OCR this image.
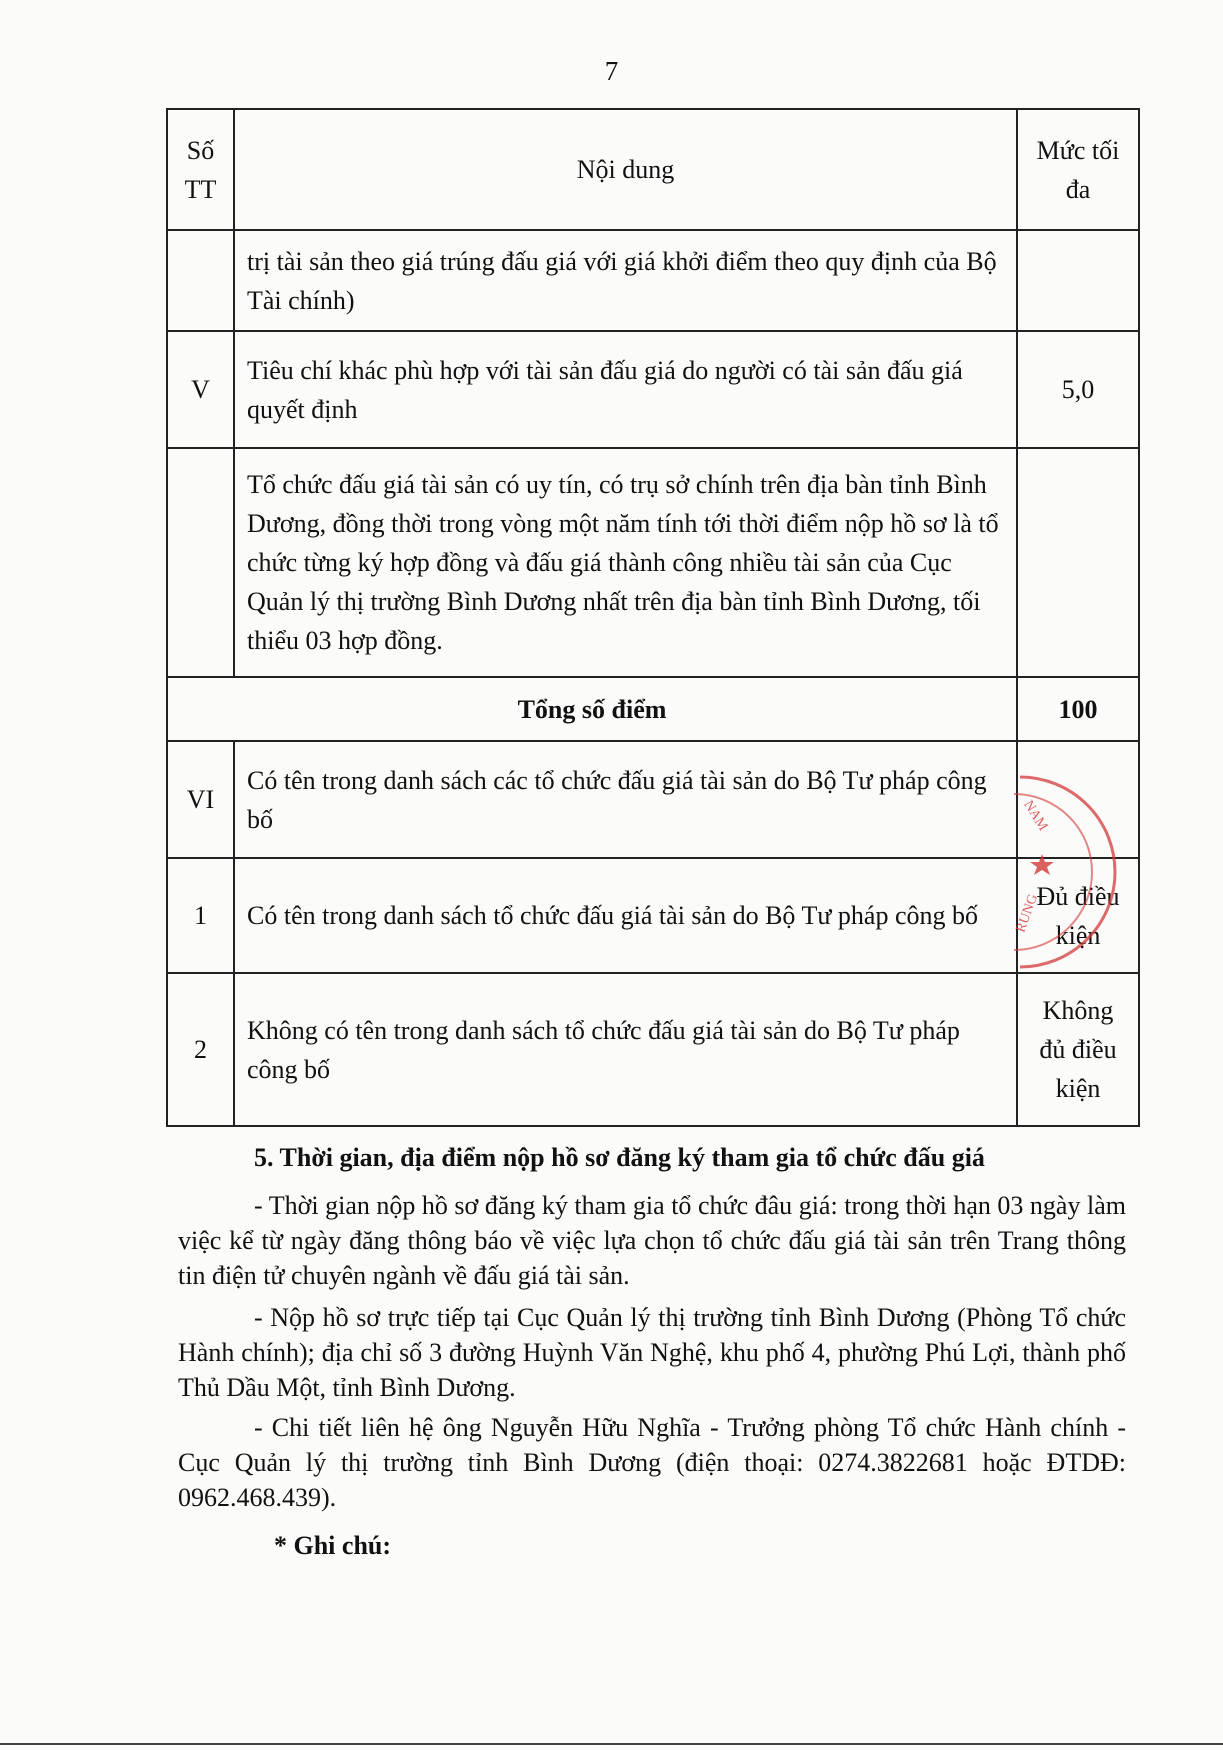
7
Số TT	Nội dung	Mức tối đa
	trị tài sản theo giá trúng đấu giá với giá khởi điểm theo quy định của Bộ Tài chính)	
V	Tiêu chí khác phù hợp với tài sản đấu giá do người có tài sản đấu giá quyết định	5,0
	Tổ chức đấu giá tài sản có uy tín, có trụ sở chính trên địa bàn tỉnh Bình Dương, đồng thời trong vòng một năm tính tới thời điểm nộp hồ sơ là tổ chức từng ký hợp đồng và đấu giá thành công nhiều tài sản của Cục Quản lý thị trường Bình Dương nhất trên địa bàn tỉnh Bình Dương, tối thiểu 03 hợp đồng.	
Tổng số điểm		100
VI	Có tên trong danh sách các tổ chức đấu giá tài sản do Bộ Tư pháp công bố	
1	Có tên trong danh sách tổ chức đấu giá tài sản do Bộ Tư pháp công bố	Đủ điều kiện
2	Không có tên trong danh sách tổ chức đấu giá tài sản do Bộ Tư pháp công bố	Không đủ điều kiện
NAM
RUNG
5. Thời gian, địa điểm nộp hồ sơ đăng ký tham gia tổ chức đấu giá
- Thời gian nộp hồ sơ đăng ký tham gia tổ chức đâu giá: trong thời hạn 03 ngày làm việc kể từ ngày đăng thông báo về việc lựa chọn tổ chức đấu giá tài sản trên Trang thông tin điện tử chuyên ngành về đấu giá tài sản.
- Nộp hồ sơ trực tiếp tại Cục Quản lý thị trường tỉnh Bình Dương (Phòng Tổ chức Hành chính); địa chỉ số 3 đường Huỳnh Văn Nghệ, khu phố 4, phường Phú Lợi, thành phố Thủ Dầu Một, tỉnh Bình Dương.
- Chi tiết liên hệ ông Nguyễn Hữu Nghĩa - Trưởng phòng Tổ chức Hành chính - Cục Quản lý thị trường tỉnh Bình Dương (điện thoại: 0274.3822681 hoặc ĐTDĐ: 0962.468.439).
* Ghi chú:
